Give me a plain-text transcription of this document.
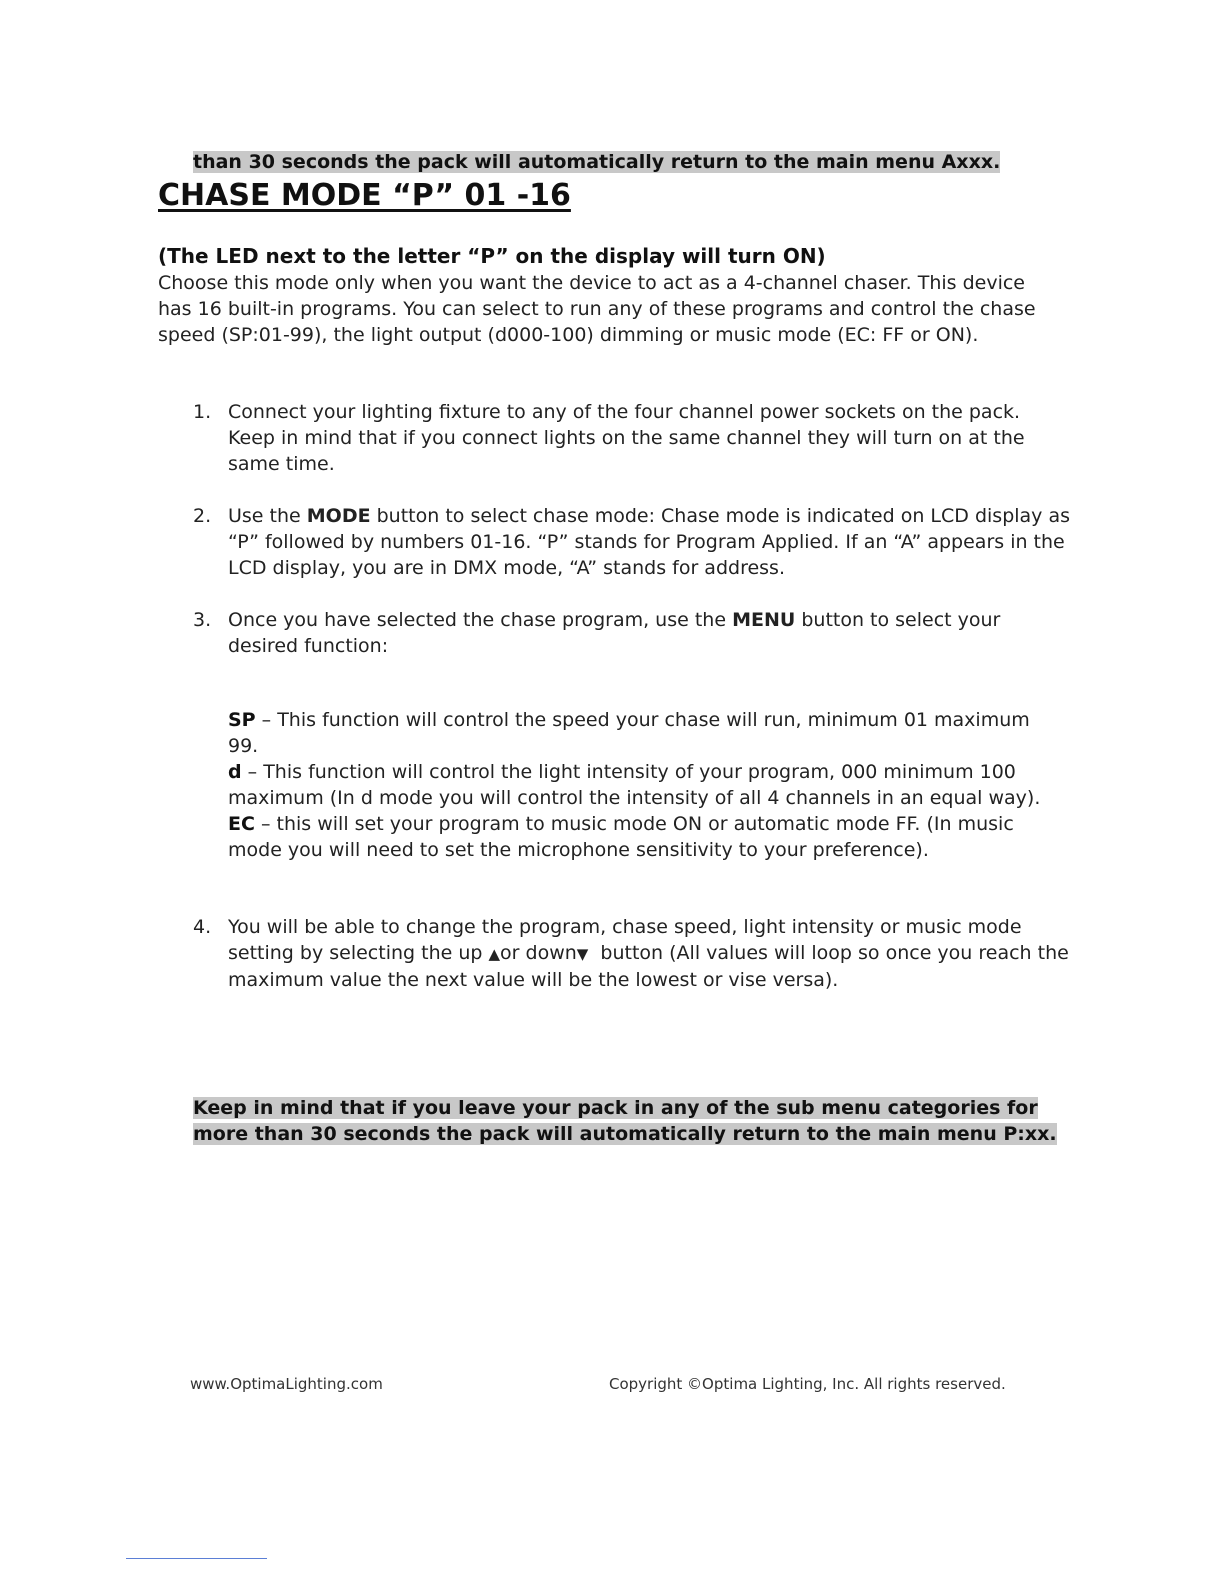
than 30 seconds the pack will automatically return to the main menu Axxx.
CHASE MODE “P” 01 -16
(The LED next to the letter “P” on the display will turn ON)
Choose this mode only when you want the device to act as a 4-channel chaser. This device has 16 built-in programs. You can select to run any of these programs and control the chase speed (SP:01-99), the light output (d000-100) dimming or music mode (EC: FF or ON).
1. Connect your lighting fixture to any of the four channel power sockets on the pack. Keep in mind that if you connect lights on the same channel they will turn on at the same time.
2. Use the MODE button to select chase mode: Chase mode is indicated on LCD display as “P” followed by numbers 01-16. “P” stands for Program Applied. If an “A” appears in the LCD display, you are in DMX mode, “A” stands for address.
3. Once you have selected the chase program, use the MENU button to select your desired function:
SP – This function will control the speed your chase will run, minimum 01 maximum 99.
d – This function will control the light intensity of your program, 000 minimum 100 maximum (In d mode you will control the intensity of all 4 channels in an equal way).
EC – this will set your program to music mode ON or automatic mode FF. (In music mode you will need to set the microphone sensitivity to your preference).
4. You will be able to change the program, chase speed, light intensity or music mode setting by selecting the up ▲or down▼  button (All values will loop so once you reach the maximum value the next value will be the lowest or vise versa).
Keep in mind that if you leave your pack in any of the sub menu categories for more than 30 seconds the pack will automatically return to the main menu P:xx.
www.OptimaLighting.com	Copyright ©Optima Lighting, Inc. All rights reserved.
